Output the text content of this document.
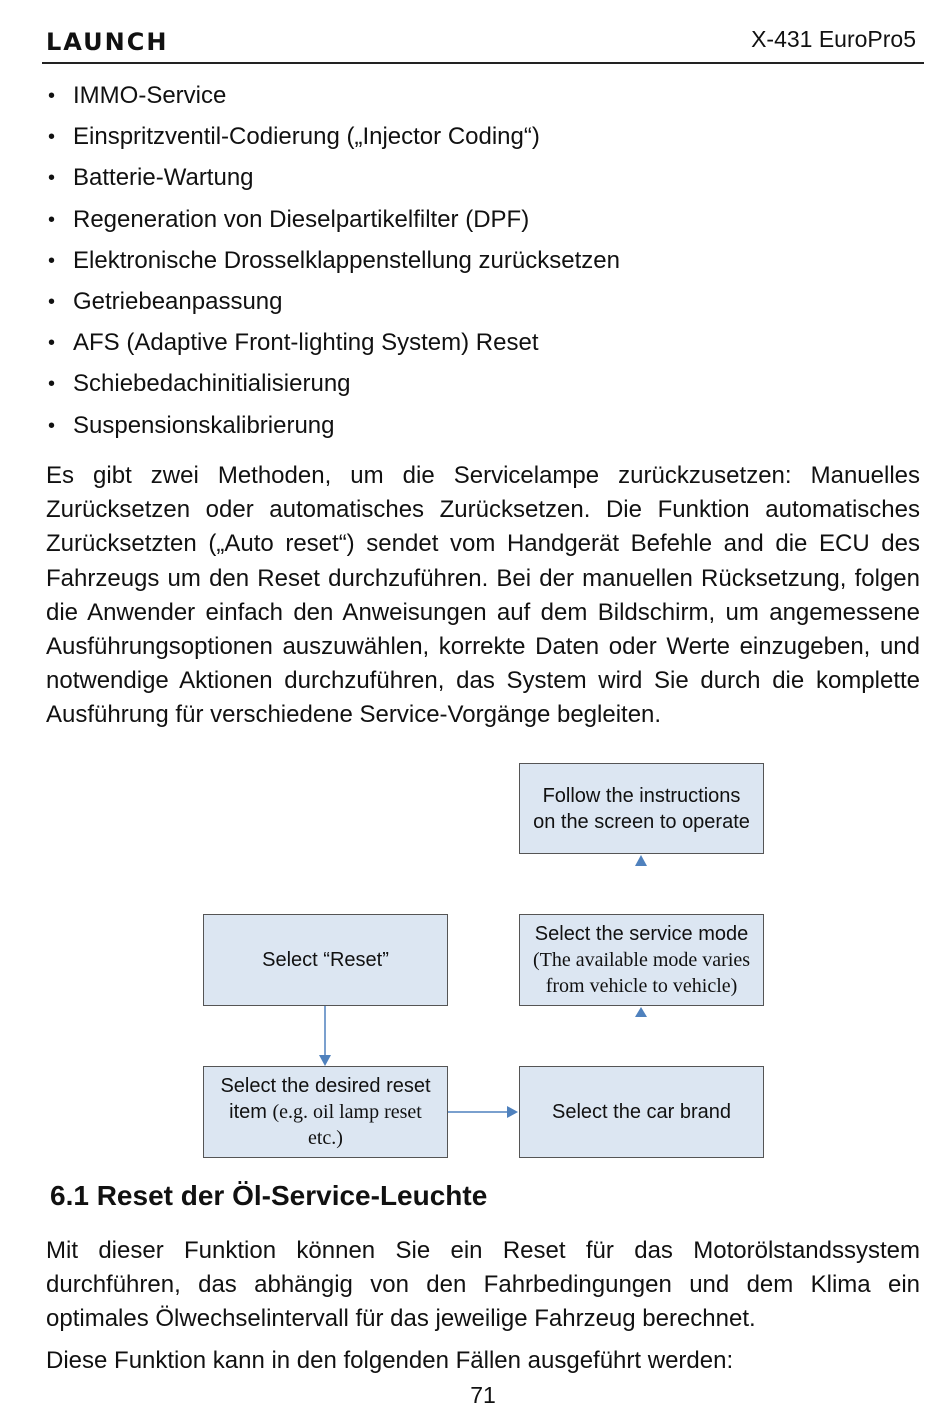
LAUNCH	X-431 EuroPro5
• IMMO-Service
• Einspritzventil-Codierung („Injector Coding“)
• Batterie-Wartung
• Regeneration von Dieselpartikelfilter (DPF)
• Elektronische Drosselklappenstellung zurücksetzen
• Getriebeanpassung
• AFS (Adaptive Front-lighting System) Reset
• Schiebedachinitialisierung
• Suspensionskalibrierung

Es gibt zwei Methoden, um die Servicelampe zurückzusetzen: Manuelles Zurücksetzen oder automatisches Zurücksetzen. Die Funktion automatisches Zurücksetzten („Auto reset“) sendet vom Handgerät Befehle and die ECU des Fahrzeugs um den Reset durchzuführen. Bei der manuellen Rücksetzung, folgen die Anwender einfach den Anweisungen auf dem Bildschirm, um angemessene Ausführungsoptionen auszuwählen, korrekte Daten oder Werte einzugeben, und notwendige Aktionen durchzuführen, das System wird Sie durch die komplette Ausführung für verschiedene Service-Vorgänge begleiten.

Follow the instructions
on the screen to operate
Select “Reset”
Select the service mode
(The available mode varies
from vehicle to vehicle)
Select the desired reset
item (e.g. oil lamp reset
etc.)
Select the car brand
6.1 Reset der Öl-Service-Leuchte

Mit dieser Funktion können Sie ein Reset für das Motorölstandssystem durchführen, das abhängig von den Fahrbedingungen und dem Klima ein optimales Ölwechselintervall für das jeweilige Fahrzeug berechnet.

Diese Funktion kann in den folgenden Fällen ausgeführt werden:

71
